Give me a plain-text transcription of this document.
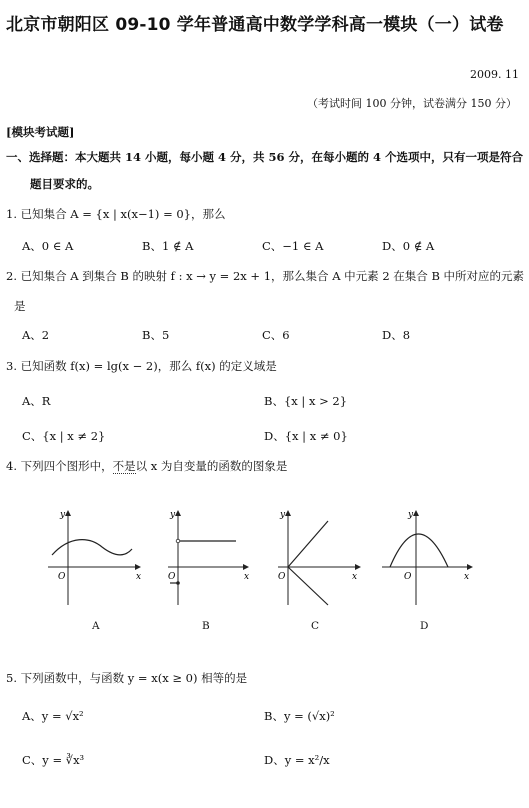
北京市朝阳区 09-10 学年普通高中数学学科高一模块（一）试卷
2009. 11
（考试时间 100 分钟，试卷满分 150 分）
[模块考试题]
一、选择题：本大题共 14 小题，每小题 4 分，共 56 分，在每小题的 4 个选项中，只有一项是符合
题目要求的。
1. 已知集合 A = {x | x(x−1) = 0}，那么
A、0 ∈ A	B、1 ∉ A	C、−1 ∈ A	D、0 ∉ A
2. 已知集合 A 到集合 B 的映射 f : x → y = 2x + 1，那么集合 A 中元素 2 在集合 B 中所对应的元素
是
A、2	B、5	C、6	D、8
3. 已知函数 f(x) = lg(x − 2)，那么 f(x) 的定义域是
A、R	B、{x | x > 2}
C、{x | x ≠ 2}	D、{x | x ≠ 0}
4. 下列四个图形中，不是以 x 为自变量的函数的图象是
y
x
O
y
x
O
y
x
O
y
x
O
A	B	C	D
5. 下列函数中，与函数 y = x(x ≥ 0) 相等的是
A、y = √x²	B、y = (√x)²
C、y = ∛x³	D、y = x²/x
